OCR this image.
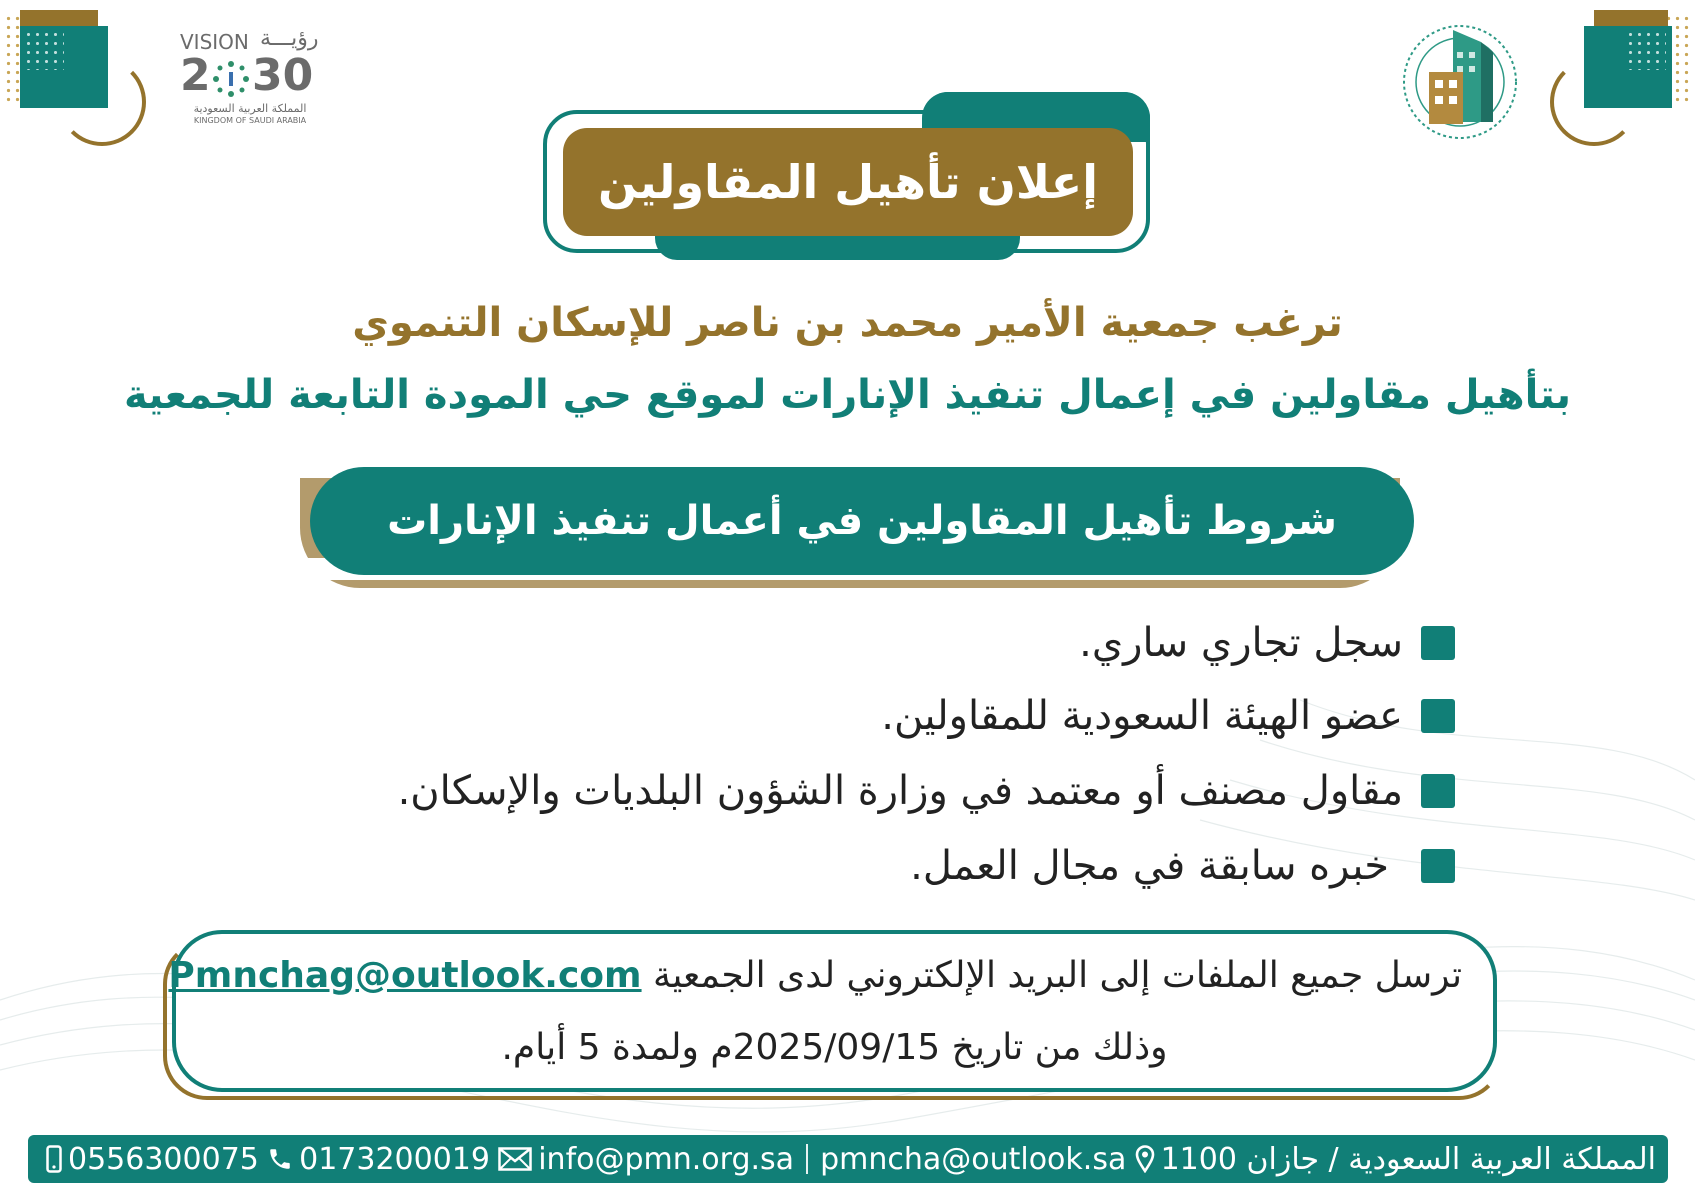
VISION رؤيـــة
2 30
المملكة العربية السعودية
KINGDOM OF SAUDI ARABIA
إعلان تأهيل المقاولين
ترغب جمعية الأمير محمد بن ناصر للإسكان التنموي
بتأهيل مقاولين في إعمال تنفيذ الإنارات لموقع حي المودة التابعة للجمعية
شروط تأهيل المقاولين في أعمال تنفيذ الإنارات
سجل تجاري ساري.
عضو الهيئة السعودية للمقاولين.
مقاول مصنف أو معتمد في وزارة الشؤون البلديات والإسكان.
خبره سابقة في مجال العمل.
ترسل جميع الملفات إلى البريد الإلكتروني لدى الجمعية Pmnchag@outlook.com
وذلك من تاريخ 2025/09/15م ولمدة 5 أيام.
0556300075 0173200019 info@pmn.org.sa pmncha@outlook.sa المملكة العربية السعودية / جازان 1100
